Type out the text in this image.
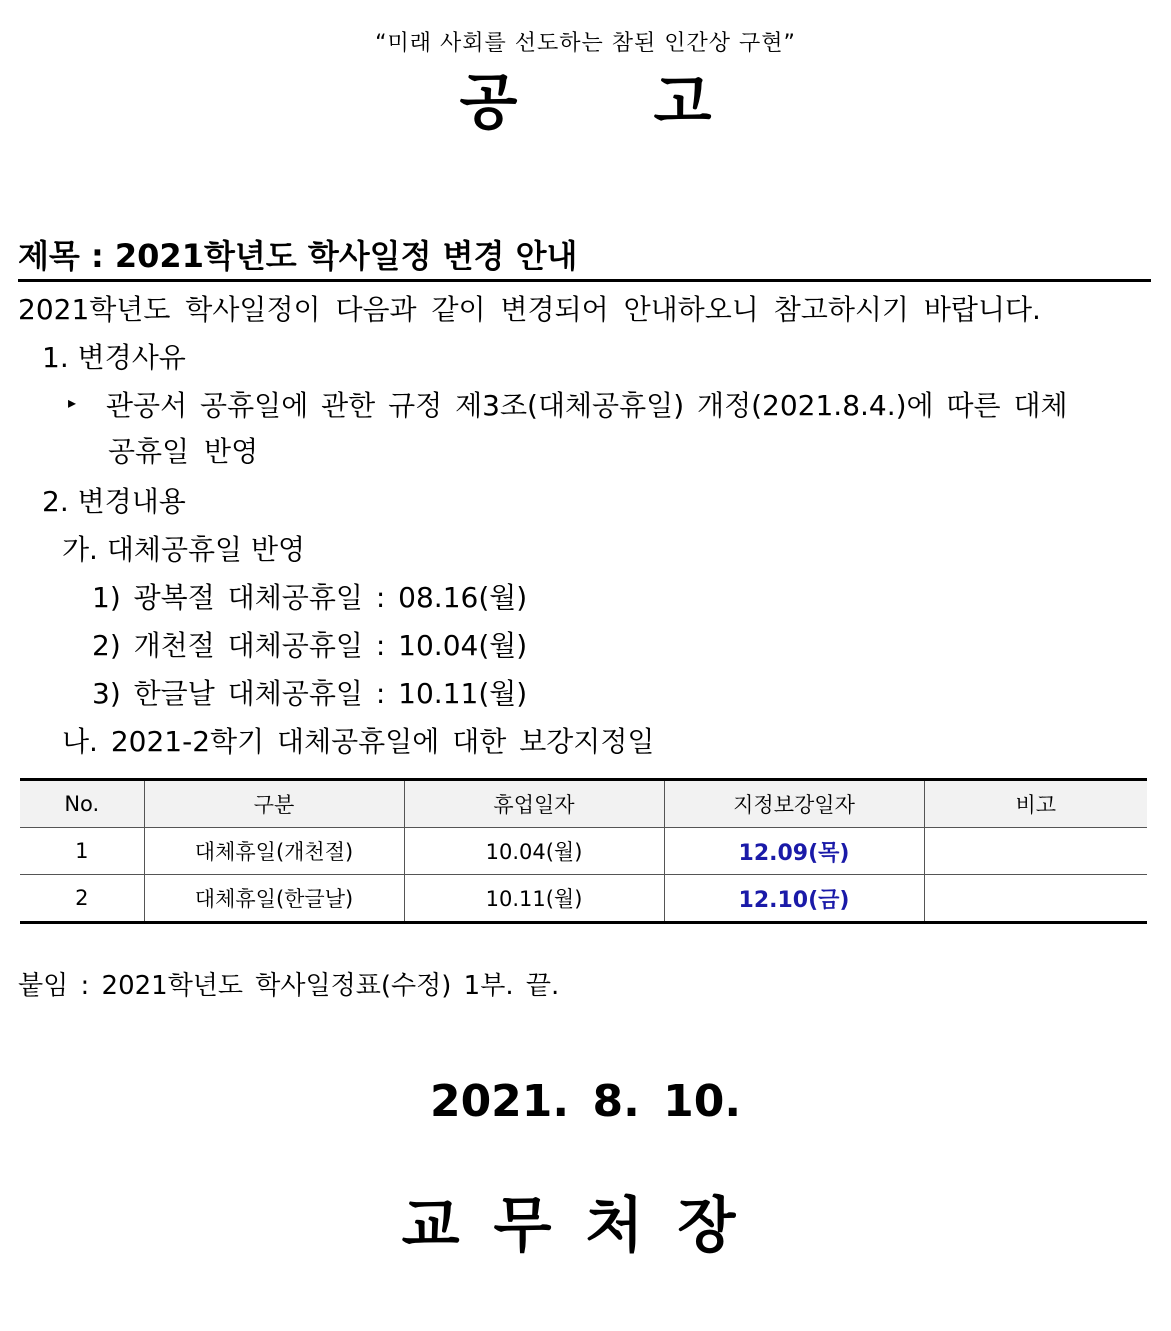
“미래 사회를 선도하는 참된 인간상 구현”
공 고
제목 : 2021학년도 학사일정 변경 안내
2021학년도 학사일정이 다음과 같이 변경되어 안내하오니 참고하시기 바랍니다.
1. 변경사유
▸ 관공서 공휴일에 관한 규정 제3조(대체공휴일) 개정(2021.8.4.)에 따른 대체
공휴일 반영
2. 변경내용
가. 대체공휴일 반영
1) 광복절 대체공휴일 : 08.16(월)
2) 개천절 대체공휴일 : 10.04(월)
3) 한글날 대체공휴일 : 10.11(월)
나. 2021-2학기 대체공휴일에 대한 보강지정일
No.	구분	휴업일자	지정보강일자	비고
1	대체휴일(개천절)	10.04(월)	12.09(목)	
2	대체휴일(한글날)	10.11(월)	12.10(금)	
붙임 : 2021학년도 학사일정표(수정) 1부. 끝.
2021. 8. 10.
교무처장
